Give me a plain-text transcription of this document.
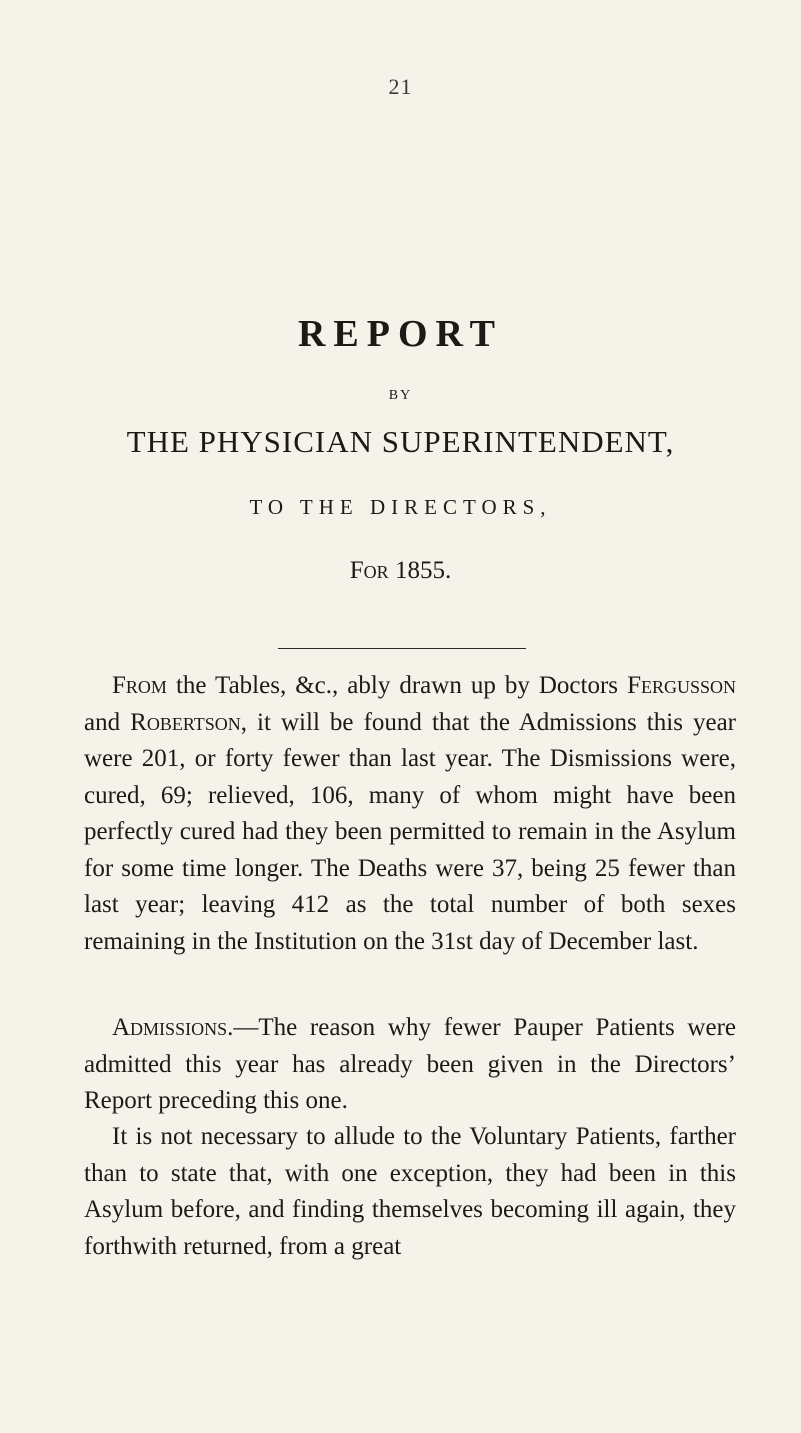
21
REPORT
BY
THE PHYSICIAN SUPERINTENDENT,
TO THE DIRECTORS,
For 1855.
From the Tables, &c., ably drawn up by Doctors Fergusson and Robertson, it will be found that the Admissions this year were 201, or forty fewer than last year. The Dismissions were, cured, 69; relieved, 106, many of whom might have been perfectly cured had they been permitted to remain in the Asylum for some time longer. The Deaths were 37, being 25 fewer than last year; leaving 412 as the total number of both sexes remaining in the Institution on the 31st day of December last.
Admissions.—The reason why fewer Pauper Patients were admitted this year has already been given in the Directors’ Report preceding this one.
It is not necessary to allude to the Voluntary Patients, farther than to state that, with one exception, they had been in this Asylum before, and finding themselves becoming ill again, they forthwith returned, from a great
